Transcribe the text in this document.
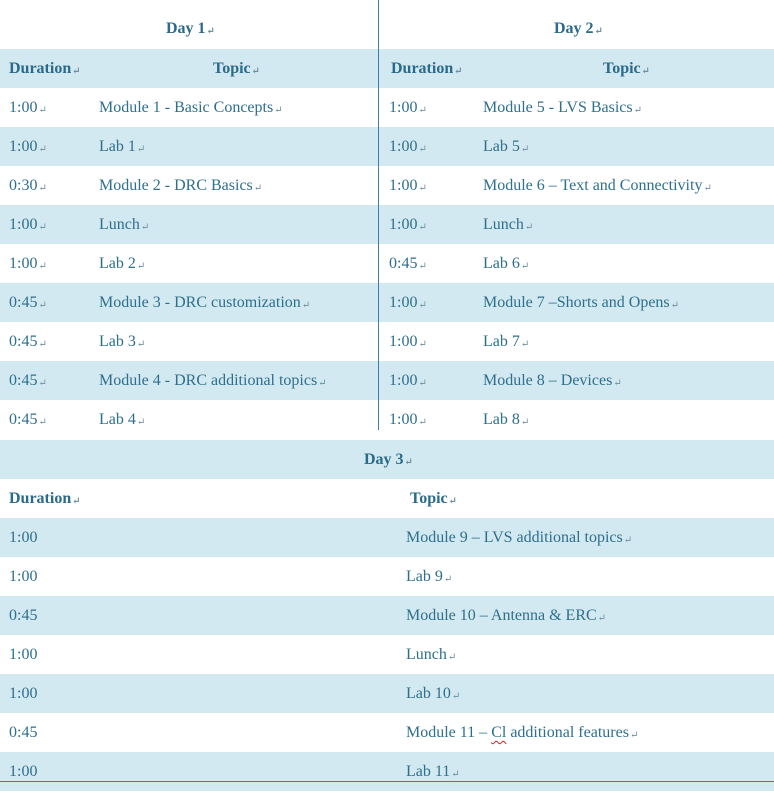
Day 1↵	Day 2↵
Duration↵	Topic↵	Duration↵	Topic↵
1:00↵	Module 1 - Basic Concepts↵	1:00↵	Module 5 - LVS Basics↵
1:00↵	Lab 1↵	1:00↵	Lab 5↵
0:30↵	Module 2 - DRC Basics↵	1:00↵	Module 6 – Text and Connectivity↵
1:00↵	Lunch↵	1:00↵	Lunch↵
1:00↵	Lab 2↵	0:45↵	Lab 6↵
0:45↵	Module 3 - DRC customization↵	1:00↵	Module 7 –Shorts and Opens↵
0:45↵	Lab 3↵	1:00↵	Lab 7↵
0:45↵	Module 4 - DRC additional topics↵	1:00↵	Module 8 – Devices↵
0:45↵	Lab 4↵	1:00↵	Lab 8↵
Day 3↵
Duration↵	Topic↵
1:00	Module 9 – LVS additional topics↵
1:00	Lab 9↵
0:45	Module 10 – Antenna & ERC↵
1:00	Lunch↵
1:00	Lab 10↵
0:45	Module 11 – Cl additional features↵
1:00	Lab 11↵
